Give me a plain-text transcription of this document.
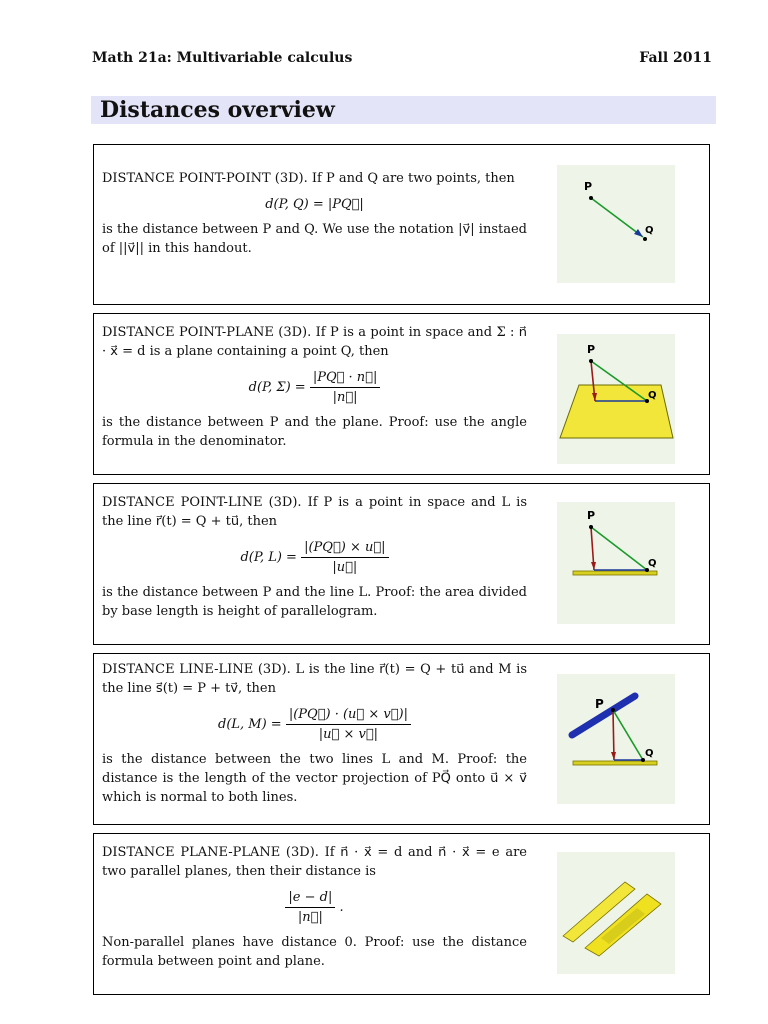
Math 21a: Multivariable calculus	Fall 2011
Distances overview

DISTANCE POINT-POINT (3D). If P and Q are two points, then

d(P, Q) = |PQ⃗|

is the distance between P and Q. We use the notation |v⃗| instaed of ||v⃗|| in this handout.

P
Q

DISTANCE POINT-PLANE (3D). If P is a point in space and Σ : n⃗ · x⃗ = d is a plane containing a point Q, then

d(P, $\Sigma) = \frac{|PQ⃗ \cdot n⃗|}{|n⃗|}$

is the distance between P and the plane. Proof: use the angle formula in the denominator.

P
Q

DISTANCE POINT-LINE (3D). If P is a point in space and L is the line r⃗(t) = Q + tu⃗, then

d(P, $L) = \frac{|(PQ⃗) \times u⃗|}{|u⃗|}$

is the distance between P and the line L. Proof: the area divided by base length is height of parallelogram.

P
Q

DISTANCE LINE-LINE (3D). L is the line r⃗(t) = Q + tu⃗ and M is the line s⃗(t) = P + tv⃗, then

d(L, $M) = \frac{|(PQ⃗) \cdot (u⃗ \times v⃗)|}{|u⃗ \times v⃗|}$

is the distance between the two lines L and M. Proof: the distance is the length of the vector projection of PQ⃗ onto u⃗ × v⃗ which is normal to both lines.

P
Q

DISTANCE PLANE-PLANE (3D). If n⃗ · x⃗ = d and n⃗ · x⃗ = e are two parallel planes, then their distance is

$\frac{|e - d|}{|n⃗|}$ .

Non-parallel planes have distance 0. Proof: use the distance formula between point and plane.
